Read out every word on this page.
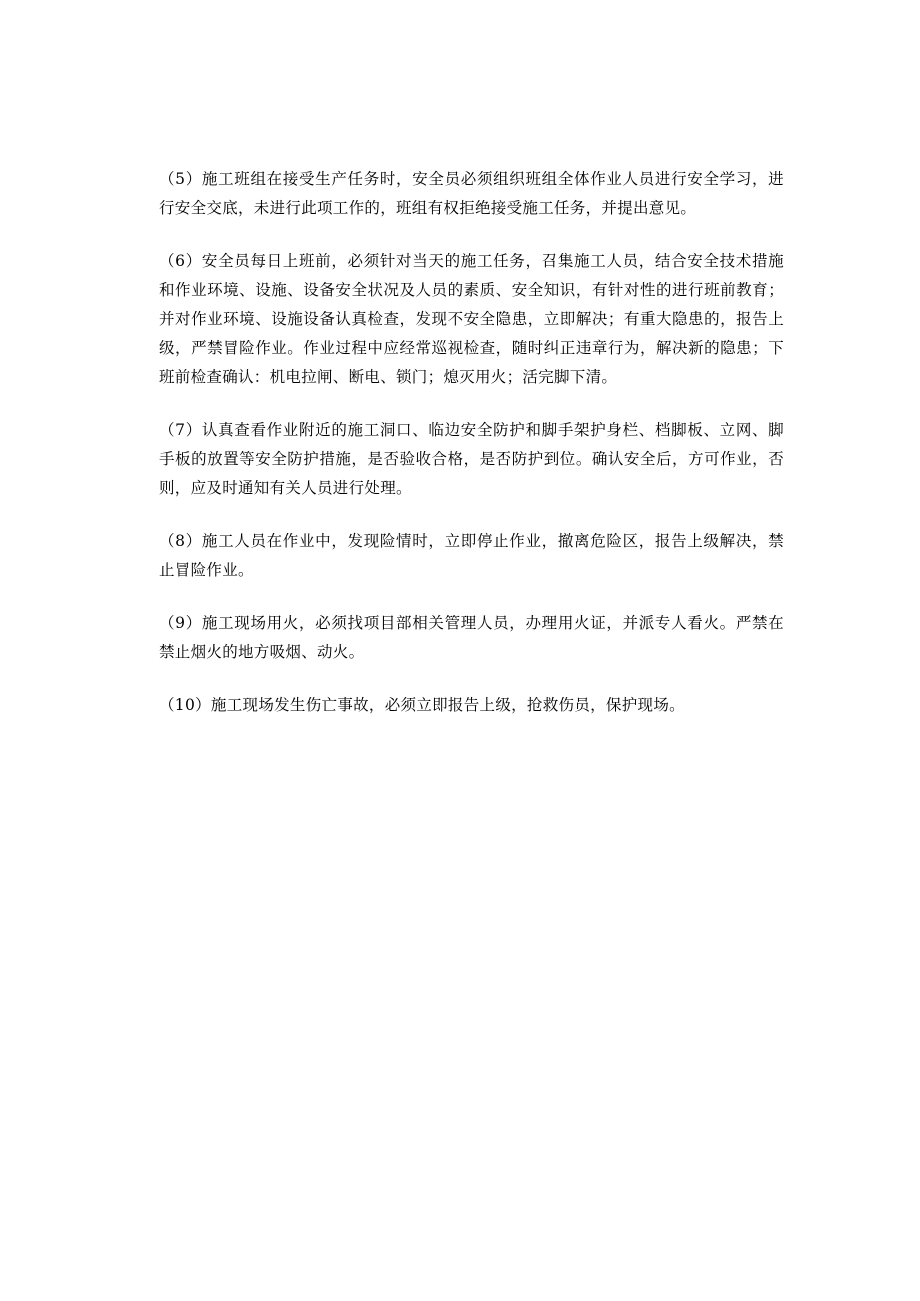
（5）施工班组在接受生产任务时，安全员必须组织班组全体作业人员进行安全学习，进行安全交底，未进行此项工作的，班组有权拒绝接受施工任务，并提出意见。

（6）安全员每日上班前，必须针对当天的施工任务，召集施工人员，结合安全技术措施和作业环境、设施、设备安全状况及人员的素质、安全知识，有针对性的进行班前教育；并对作业环境、设施设备认真检查，发现不安全隐患，立即解决；有重大隐患的，报告上级，严禁冒险作业。作业过程中应经常巡视检查，随时纠正违章行为，解决新的隐患；下班前检查确认：机电拉闸、断电、锁门；熄灭用火；活完脚下清。

（7）认真查看作业附近的施工洞口、临边安全防护和脚手架护身栏、档脚板、立网、脚手板的放置等安全防护措施，是否验收合格，是否防护到位。确认安全后，方可作业，否则，应及时通知有关人员进行处理。

（8）施工人员在作业中，发现险情时，立即停止作业，撤离危险区，报告上级解决，禁止冒险作业。

（9）施工现场用火，必须找项目部相关管理人员，办理用火证，并派专人看火。严禁在禁止烟火的地方吸烟、动火。

（10）施工现场发生伤亡事故，必须立即报告上级，抢救伤员，保护现场。
